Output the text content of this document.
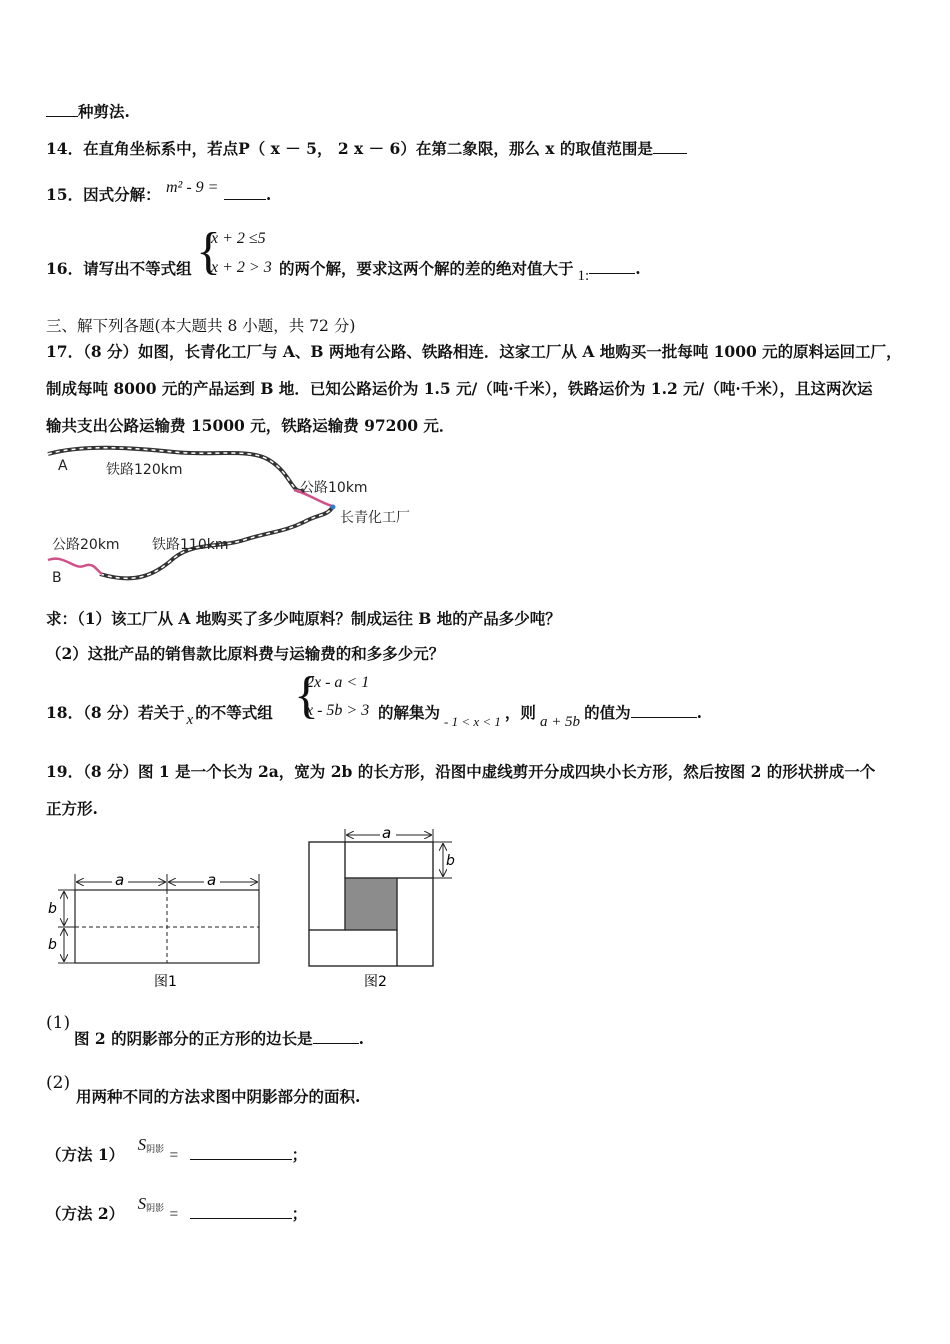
种剪法.
14．在直角坐标系中，若点P（ x － 5， 2 x － 6）在第二象限，那么 x 的取值范围是
15．因式分解： m² - 9 =	.
16．请写出不等式组 {
x + 2 ≤5
x + 2 > 3 的两个解，要求这两个解的差的绝对值大于 1:	.
三、解下列各题(本大题共 8 小题，共 72 分)
17．（8 分）如图，长青化工厂与 A、B 两地有公路、铁路相连．这家工厂从 A 地购买一批每吨 1000 元的原料运回工厂，
制成每吨 8000 元的产品运到 B 地．已知公路运价为 1.5 元/（吨·千米），铁路运价为 1.2 元/（吨·千米），且这两次运
输共支出公路运输费 15000 元，铁路运输费 97200 元．
A
B
铁路120km
公路10km
长青化工厂
公路20km 铁路110km
求：（1）该工厂从 A 地购买了多少吨原料？制成运往 B 地的产品多少吨？
（2）这批产品的销售款比原料费与运输费的和多多少元？
18．（8 分）若关于 x 的不等式组 {
2x - a < 1
x - 5b > 3 的解集为 $_{- 1 < x < 1}$ ，则 a + 5b 的值为	.
19．（8 分）图 1 是一个长为 2a，宽为 2b 的长方形，沿图中虚线剪开分成四块小长方形，然后按图 2 的形状拼成一个
正方形.
a	a
b
b
图1
a
b
图2
(1)
图 2 的阴影部分的正方形的边长是	.
(2)
用两种不同的方法求图中阴影部分的面积.
（方法 1） $S^{阴影}$ =	；
（方法 2） $S^{阴影}$ =	；
